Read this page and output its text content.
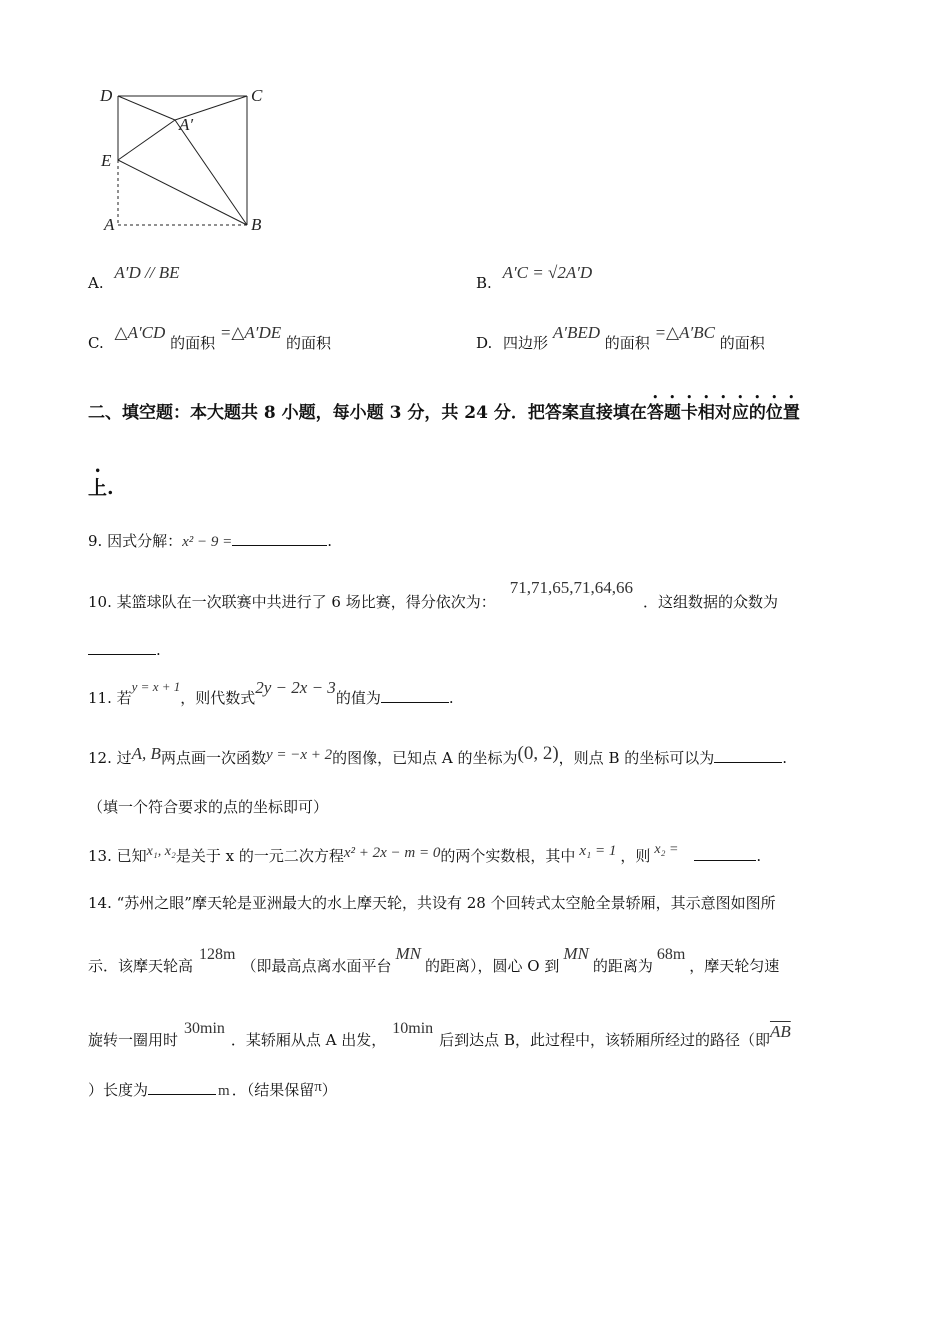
D	C
A′
E
A	B
A. A′D // BE
B. A′C = √2A′D
C. △A′CD 的面积 =△A′DE 的面积	D. 四边形 A′BED 的面积 =△A′BC 的面积
二、填空题：本大题共 8 小题，每小题 3 分，共 24 分．把答案直接填在答题卡相对应的位置
上.
9. 因式分解：x² − 9 =	.
10. 某篮球队在一次联赛中共进行了 6 场比赛，得分依次为：71,71,65,71,64,66．这组数据的众数为
.
11. 若y = x + 1，则代数式2y − 2x − 3的值为	.
12. 过A, B两点画一次函数y = −x + 2的图像，已知点 A 的坐标为(0, 2)，则点 B 的坐标可以为	.
（填一个符合要求的点的坐标即可）
13. 已知x₁, x₂是关于 x 的一元二次方程x² + 2x − m = 0的两个实数根，其中 x₁ = 1 ，则 x₂ =	.
14. “苏州之眼”摩天轮是亚洲最大的水上摩天轮，共设有 28 个回转式太空舱全景轿厢，其示意图如图所
示．该摩天轮高128m（即最高点离水面平台MN的距离），圆心 O 到MN的距离为68m，摩天轮匀速
旋转一圈用时30min．某轿厢从点 A 出发，10min后到达点 B，此过程中，该轿厢所经过的路径（即$\overline{AB}$
）长度为	m ．（结果保留π）
